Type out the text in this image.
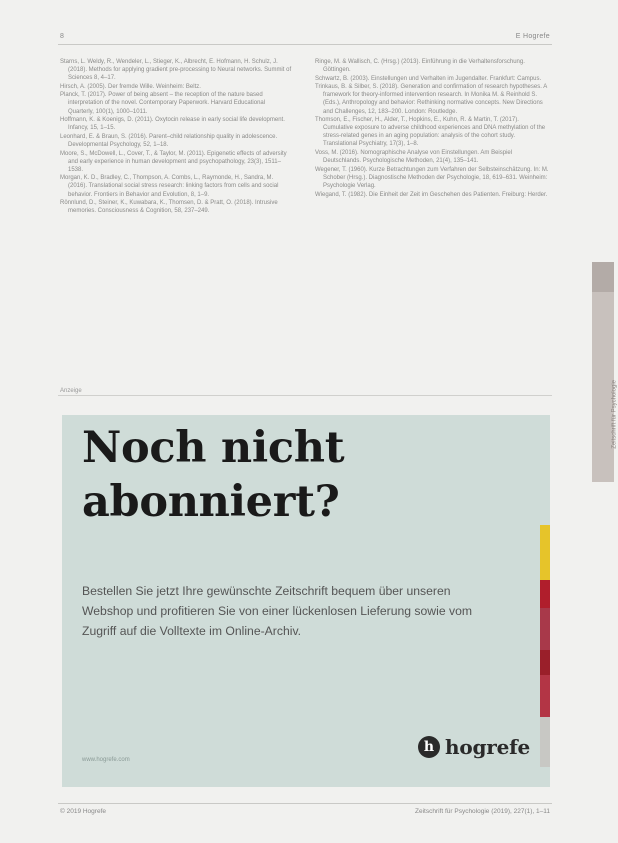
8	E Hogrefe

Starns, L. Weldy, R., Wendeler, L., Stieger, K., Albrecht, E. Hofmann, H. Schulz, J. (2018). Methods for applying gradient pre-processing to Neural networks. Summit of Sciences 8, 4–17.

Hirsch, A. (2005). Der fremde Wille. Weinheim: Beltz.

Planck, T. (2017). Power of being absent – the reception of the nature based interpretation of the novel. Contemporary Paperwork. Harvard Educational Quarterly, 100(1), 1000–1011.

Hoffmann, K. & Koenigs, D. (2011). Oxytocin release in early social life development. Infancy, 15, 1–15.

Leonhard, E. & Braun, S. (2016). Parent–child relationship quality in adolescence. Developmental Psychology, 52, 1–18.

Moore, S., McDowell, L., Cover, T., & Taylor, M. (2011). Epigenetic effects of adversity and early experience in human development and psychopathology, 23(3), 1511–1538.

Morgan, K. D., Bradley, C., Thompson, A. Combs, L., Raymonde, H., Sandra, M. (2016). Translational social stress research: linking factors from cells and social behavior. Frontiers in Behavior and Evolution, 8, 1–9.

Rönnlund, D., Steiner, K., Kuwabara, K., Thomsen, D. & Pratt, O. (2018). Intrusive memories. Consciousness & Cognition, 58, 237–249.

Ringe, M. & Wallisch, C. (Hrsg.) (2013). Einführung in die Verhaltensforschung. Göttingen.

Schwartz, B. (2003). Einstellungen und Verhalten im Jugendalter. Frankfurt: Campus.

Trinkaus, B. & Silber, S. (2018). Generation and confirmation of research hypotheses. A framework for theory-informed intervention research. In Monika M. & Reinhold S. (Eds.), Anthropology and behavior: Rethinking normative concepts. New Directions and Challenges, 12, 183–200. London: Routledge.

Thomson, E., Fischer, H., Alder, T., Hopkins, E., Kuhn, R. & Martin, T. (2017). Cumulative exposure to adverse childhood experiences and DNA methylation of the stress-related genes in an aging population: analysis of the cohort study. Translational Psychiatry, 17(3), 1–8.

Voss, M. (2016). Nomographische Analyse von Einstellungen. Am Beispiel Deutschlands. Psychologische Methoden, 21(4), 135–141.

Wegener, T. (1960). Kurze Betrachtungen zum Verfahren der Selbsteinschätzung. In: M. Schober (Hrsg.). Diagnostische Methoden der Psychologie, 18, 619–631. Weinheim: Psychologie Verlag.

Wiegand, T. (1982). Die Einheit der Zeit im Geschehen des Patienten. Freiburg: Herder.

Anzeige
Noch nicht
abonniert?
Bestellen Sie jetzt Ihre gewünschte Zeitschrift bequem über unseren Webshop und profitieren Sie von einer lückenlosen Lieferung sowie vom Zugriff auf die Volltexte im Online-Archiv.
www.hogrefe.com
h hogrefe
Zeitschrift für Psychologie
© 2019 Hogrefe	Zeitschrift für Psychologie (2019), 227(1), 1–11
